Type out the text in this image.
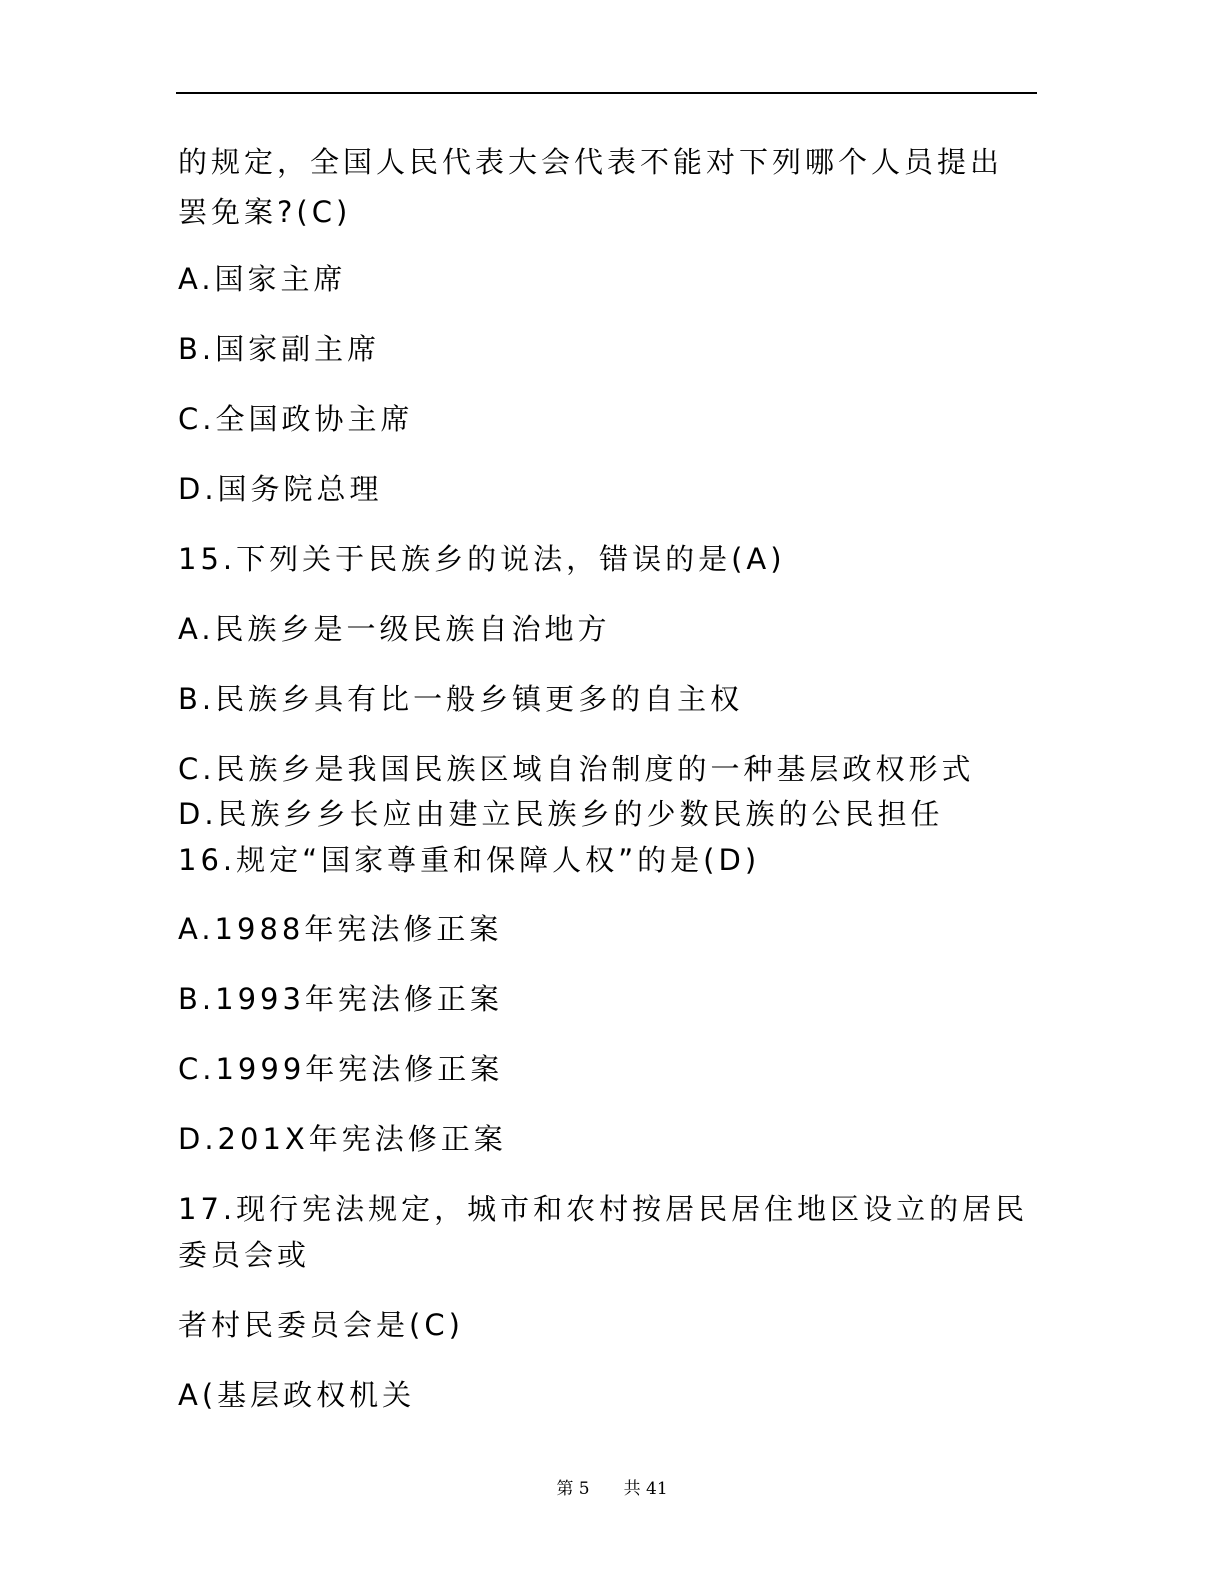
的规定，全国人民代表大会代表不能对下列哪个人员提出
罢免案?(C)
A.国家主席
B.国家副主席
C.全国政协主席
D.国务院总理
15.下列关于民族乡的说法，错误的是(A)
A.民族乡是一级民族自治地方
B.民族乡具有比一般乡镇更多的自主权
C.民族乡是我国民族区域自治制度的一种基层政权形式
D.民族乡乡长应由建立民族乡的少数民族的公民担任
16.规定“国家尊重和保障人权”的是(D)
A.1988年宪法修正案
B.1993年宪法修正案
C.1999年宪法修正案
D.201X年宪法修正案
17.现行宪法规定，城市和农村按居民居住地区设立的居民
委员会或
者村民委员会是(C)
A(基层政权机关
第 5 共 41
